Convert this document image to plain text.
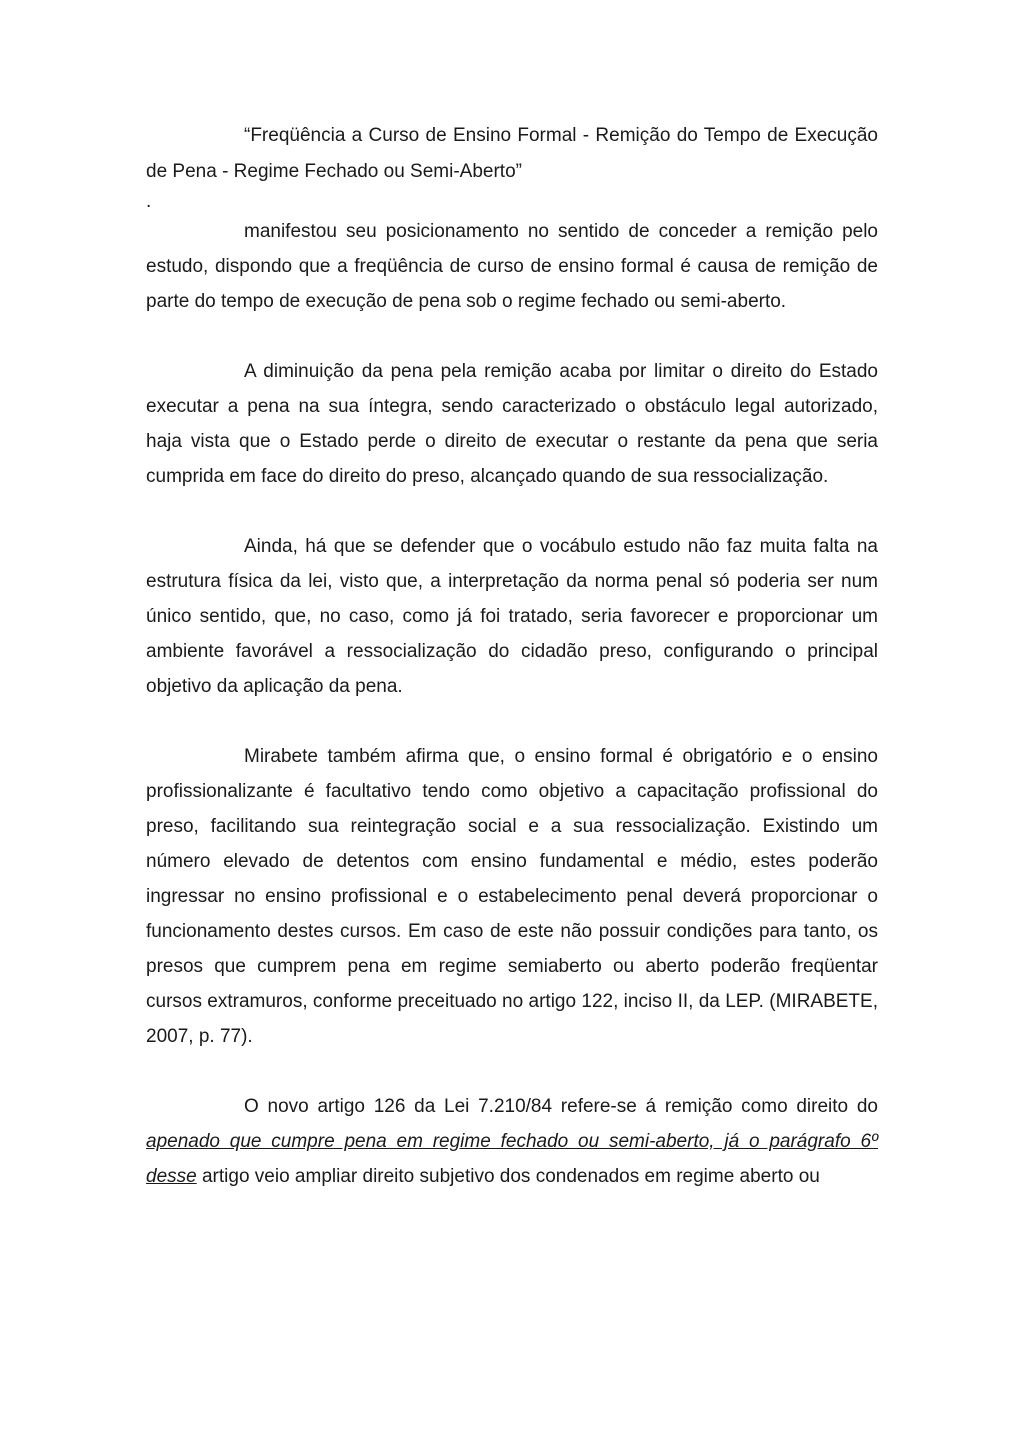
“Freqüência a Curso de Ensino Formal - Remição do Tempo de Execução de Pena - Regime Fechado ou Semi-Aberto”

.

manifestou seu posicionamento no sentido de conceder a remição pelo estudo, dispondo que a freqüência de curso de ensino formal é causa de remição de parte do tempo de execução de pena sob o regime fechado ou semi-aberto.

A diminuição da pena pela remição acaba por limitar o direito do Estado executar a pena na sua íntegra, sendo caracterizado o obstáculo legal autorizado, haja vista que o Estado perde o direito de executar o restante da pena que seria cumprida em face do direito do preso, alcançado quando de sua ressocialização.

Ainda, há que se defender que o vocábulo estudo não faz muita falta na estrutura física da lei, visto que, a interpretação da norma penal só poderia ser num único sentido, que, no caso, como já foi tratado, seria favorecer e proporcionar um ambiente favorável a ressocialização do cidadão preso, configurando o principal objetivo da aplicação da pena.

Mirabete também afirma que, o ensino formal é obrigatório e o ensino profissionalizante é facultativo tendo como objetivo a capacitação profissional do preso, facilitando sua reintegração social e a sua ressocialização. Existindo um número elevado de detentos com ensino fundamental e médio, estes poderão ingressar no ensino profissional e o estabelecimento penal deverá proporcionar o funcionamento destes cursos. Em caso de este não possuir condições para tanto, os presos que cumprem pena em regime semiaberto ou aberto poderão freqüentar cursos extramuros, conforme preceituado no artigo 122, inciso II, da LEP. (MIRABETE, 2007, p. 77).

O novo artigo 126 da Lei 7.210/84 refere-se á remição como direito do apenado que cumpre pena em regime fechado ou semi-aberto, já o parágrafo 6º desse artigo veio ampliar direito subjetivo dos condenados em regime aberto ou
